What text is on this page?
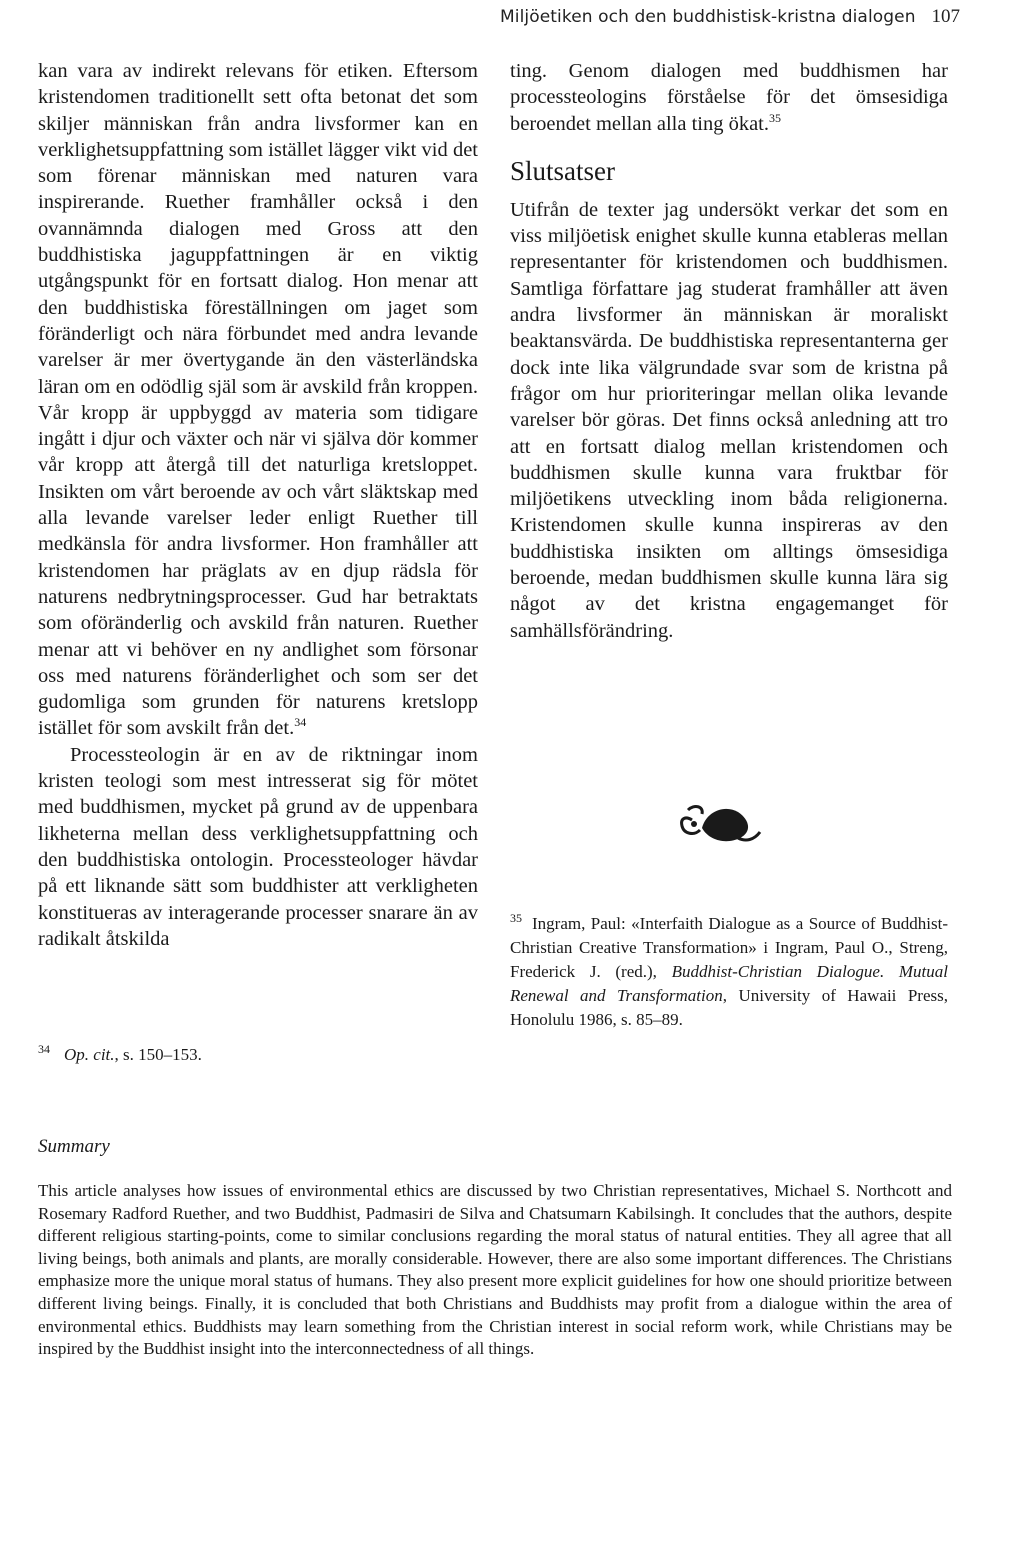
Miljöetiken och den buddhistisk-kristna dialogen 107

kan vara av indirekt relevans för etiken. Eftersom kristendomen traditionellt sett ofta betonat det som skiljer människan från andra livsformer kan en verklighetsuppfattning som istället lägger vikt vid det som förenar människan med naturen vara inspirerande. Ruether framhåller också i den ovannämnda dialogen med Gross att den buddhistiska jaguppfattningen är en viktig utgångspunkt för en fortsatt dialog. Hon menar att den buddhistiska föreställningen om jaget som föränderligt och nära förbundet med andra levande varelser är mer övertygande än den västerländska läran om en odödlig själ som är avskild från kroppen. Vår kropp är uppbyggd av materia som tidigare ingått i djur och växter och när vi själva dör kommer vår kropp att återgå till det naturliga kretsloppet. Insikten om vårt beroende av och vårt släktskap med alla levande varelser leder enligt Ruether till medkänsla för andra livsformer. Hon framhåller att kristendomen har präglats av en djup rädsla för naturens nedbrytningsprocesser. Gud har betraktats som oföränderlig och avskild från naturen. Ruether menar att vi behöver en ny andlighet som försonar oss med naturens föränderlighet och som ser det gudomliga som grunden för naturens kretslopp istället för som avskilt från det.$^{34}$

Processteologin är en av de riktningar inom kristen teologi som mest intresserat sig för mötet med buddhismen, mycket på grund av de uppenbara likheterna mellan dess verklighetsuppfattning och den buddhistiska ontologin. Processteologer hävdar på ett liknande sätt som buddhister att verkligheten konstitueras av interagerande processer snarare än av radikalt åtskilda

$^{34}$ Op. cit., s. 150–153.

ting. Genom dialogen med buddhismen har processteologins förståelse för det ömsesidiga beroendet mellan alla ting ökat.$^{35}$

Slutsatser

Utifrån de texter jag undersökt verkar det som en viss miljöetisk enighet skulle kunna etableras mellan representanter för kristendomen och buddhismen. Samtliga författare jag studerat framhåller att även andra livsformer än människan är moraliskt beaktansvärda. De buddhistiska representanterna ger dock inte lika välgrundade svar som de kristna på frågor om hur prioriteringar mellan olika levande varelser bör göras. Det finns också anledning att tro att en fortsatt dialog mellan kristendomen och buddhismen skulle kunna vara fruktbar för miljöetikens utveckling inom båda religionerna. Kristendomen skulle kunna inspireras av den buddhistiska insikten om alltings ömsesidiga beroende, medan buddhismen skulle kunna lära sig något av det kristna engagemanget för samhällsförändring.

$^{35}$ Ingram, Paul: «Interfaith Dialogue as a Source of Buddhist-Christian Creative Transformation» i Ingram, Paul O., Streng, Frederick J. (red.), Buddhist-Christian Dialogue. Mutual Renewal and Transformation, University of Hawaii Press, Honolulu 1986, s. 85–89.

Summary

This article analyses how issues of environmental ethics are discussed by two Christian representatives, Michael S. Northcott and Rosemary Radford Ruether, and two Buddhist, Padmasiri de Silva and Chatsumarn Kabilsingh. It concludes that the authors, despite different religious starting-points, come to similar conclusions regarding the moral status of natural entities. They all agree that all living beings, both animals and plants, are morally considerable. However, there are also some important differences. The Christians emphasize more the unique moral status of humans. They also present more explicit guidelines for how one should prioritize between different living beings. Finally, it is concluded that both Christians and Buddhists may profit from a dialogue within the area of environmental ethics. Buddhists may learn something from the Christian interest in social reform work, while Christians may be inspired by the Buddhist insight into the interconnectedness of all things.
